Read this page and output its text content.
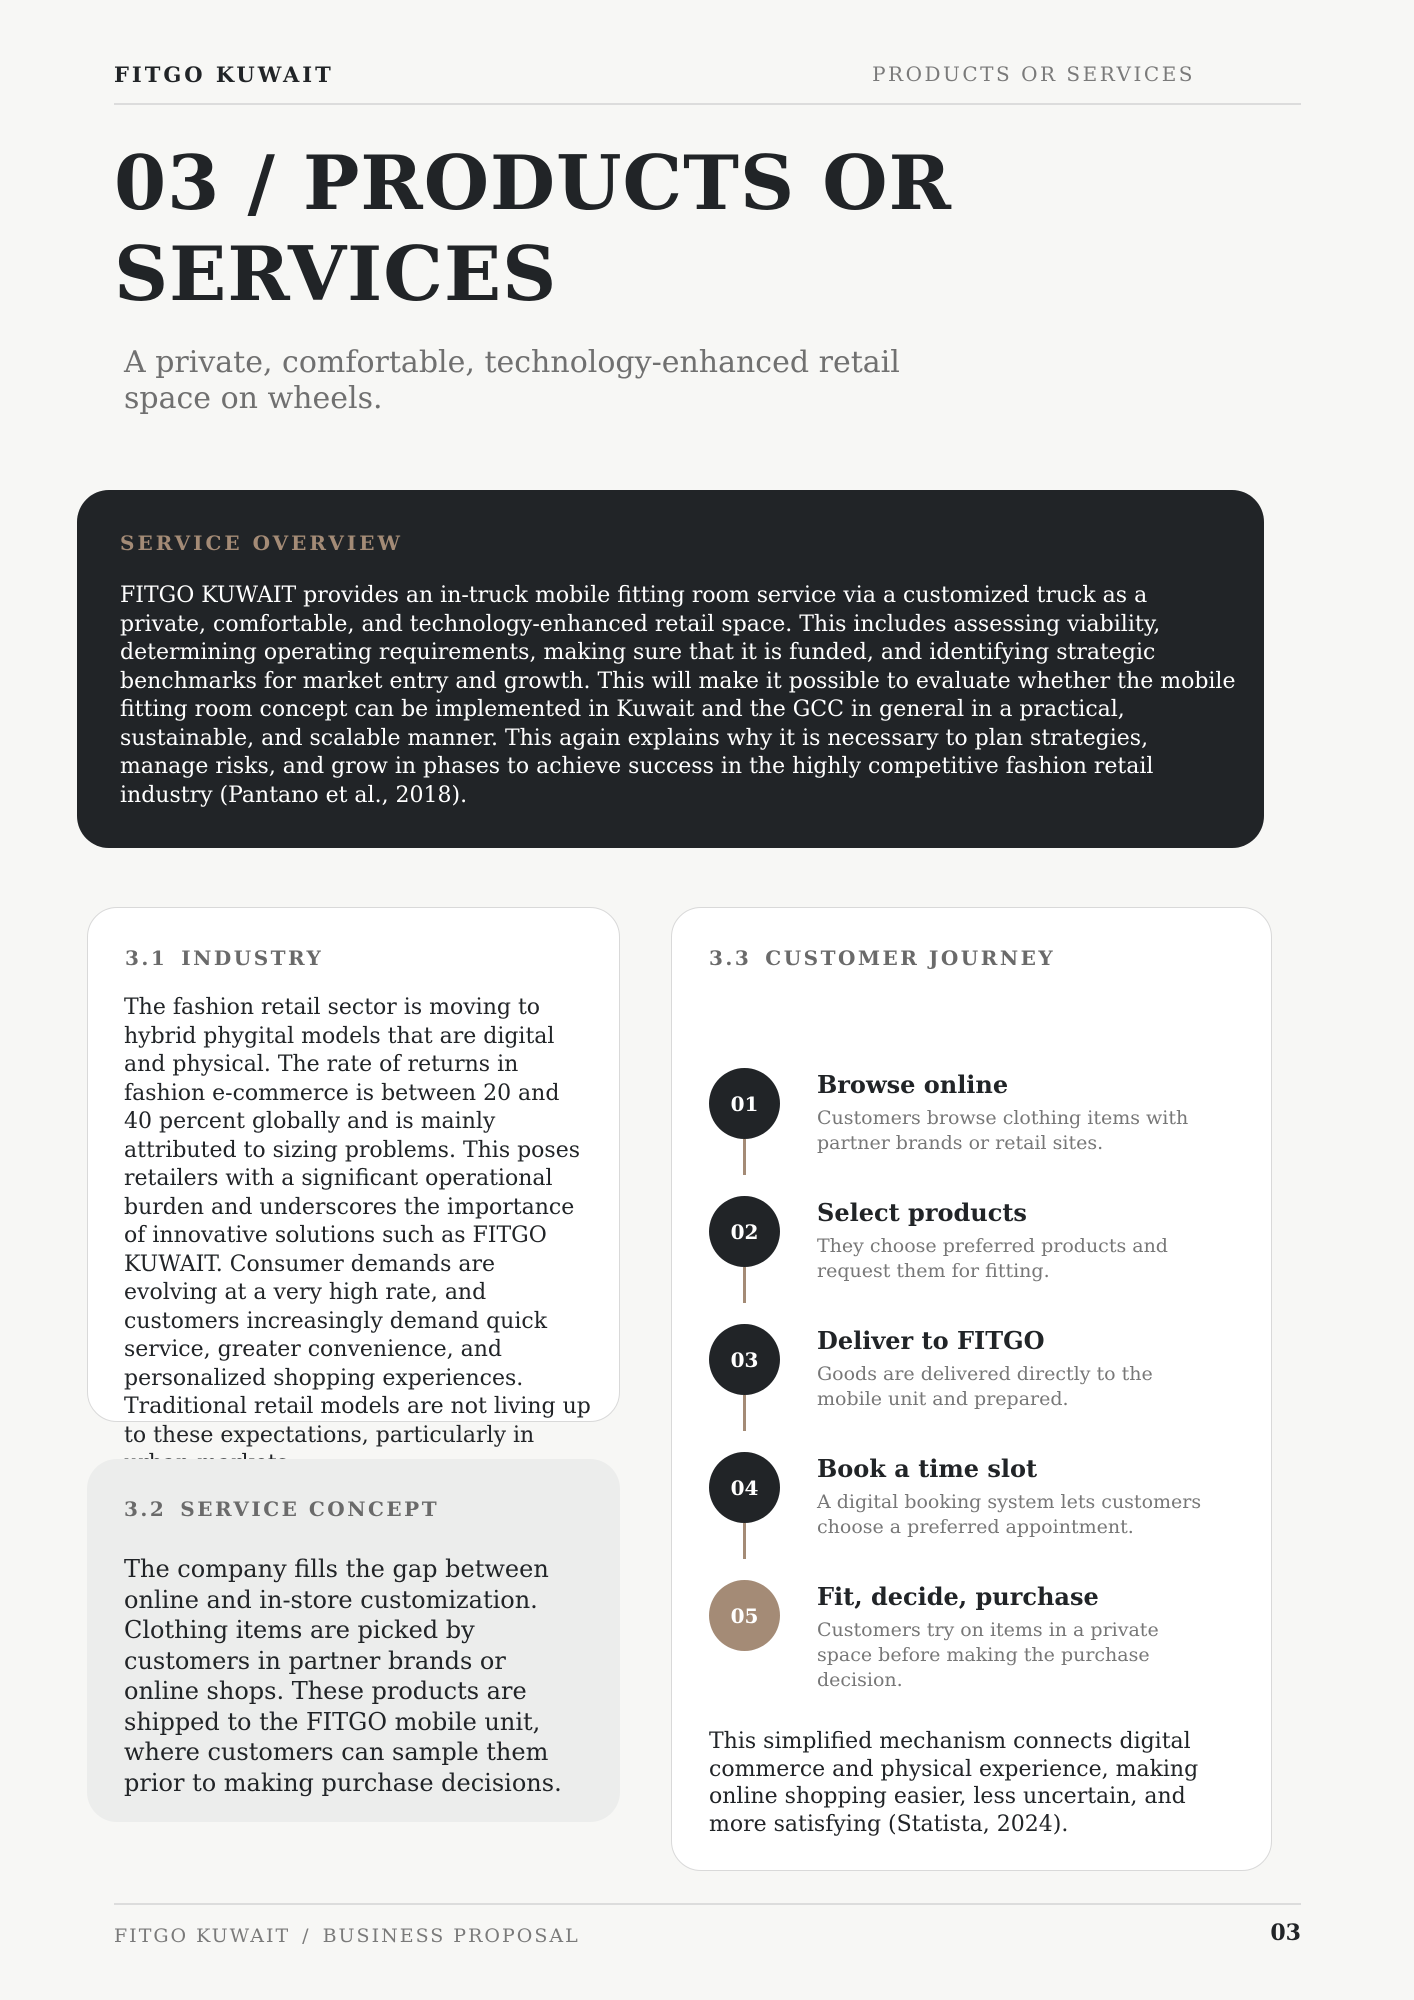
FITGO KUWAIT	PRODUCTS OR SERVICES
03 / PRODUCTS OR SERVICES
A private, comfortable, technology-enhanced retail space on wheels.
SERVICE OVERVIEW
FITGO KUWAIT provides an in-truck mobile fitting room service via a customized truck as a private, comfortable, and technology-enhanced retail space. This includes assessing viability, determining operating requirements, making sure that it is funded, and identifying strategic benchmarks for market entry and growth. This will make it possible to evaluate whether the mobile fitting room concept can be implemented in Kuwait and the GCC in general in a practical, sustainable, and scalable manner. This again explains why it is necessary to plan strategies, manage risks, and grow in phases to achieve success in the highly competitive fashion retail industry (Pantano et al., 2018).
3.1 INDUSTRY
The fashion retail sector is moving to hybrid phygital models that are digital and physical. The rate of returns in fashion e-commerce is between 20 and 40 percent globally and is mainly attributed to sizing problems. This poses retailers with a significant operational burden and underscores the importance of innovative solutions such as FITGO KUWAIT. Consumer demands are evolving at a very high rate, and customers increasingly demand quick service, greater convenience, and personalized shopping experiences. Traditional retail models are not living up to these expectations, particularly in
3.2 SERVICE CONCEPT
The company fills the gap between online and in-store customization. Clothing items are picked by customers in partner brands or online shops. These products are shipped to the FITGO mobile unit, where customers can sample them prior to making purchase decisions.
3.3 CUSTOMER JOURNEY
01
Browse online
Customers browse clothing items with partner brands or retail sites.
02
Select products
They choose preferred products and request them for fitting.
03
Deliver to FITGO
Goods are delivered directly to the mobile unit and prepared.
04
Book a time slot
A digital booking system lets customers choose a preferred appointment.
05
Fit, decide, purchase
Customers try on items in a private space before making the purchase decision.
This simplified mechanism connects digital commerce and physical experience, making online shopping easier, less uncertain, and more satisfying (Statista, 2024).
FITGO KUWAIT / BUSINESS PROPOSAL	03
